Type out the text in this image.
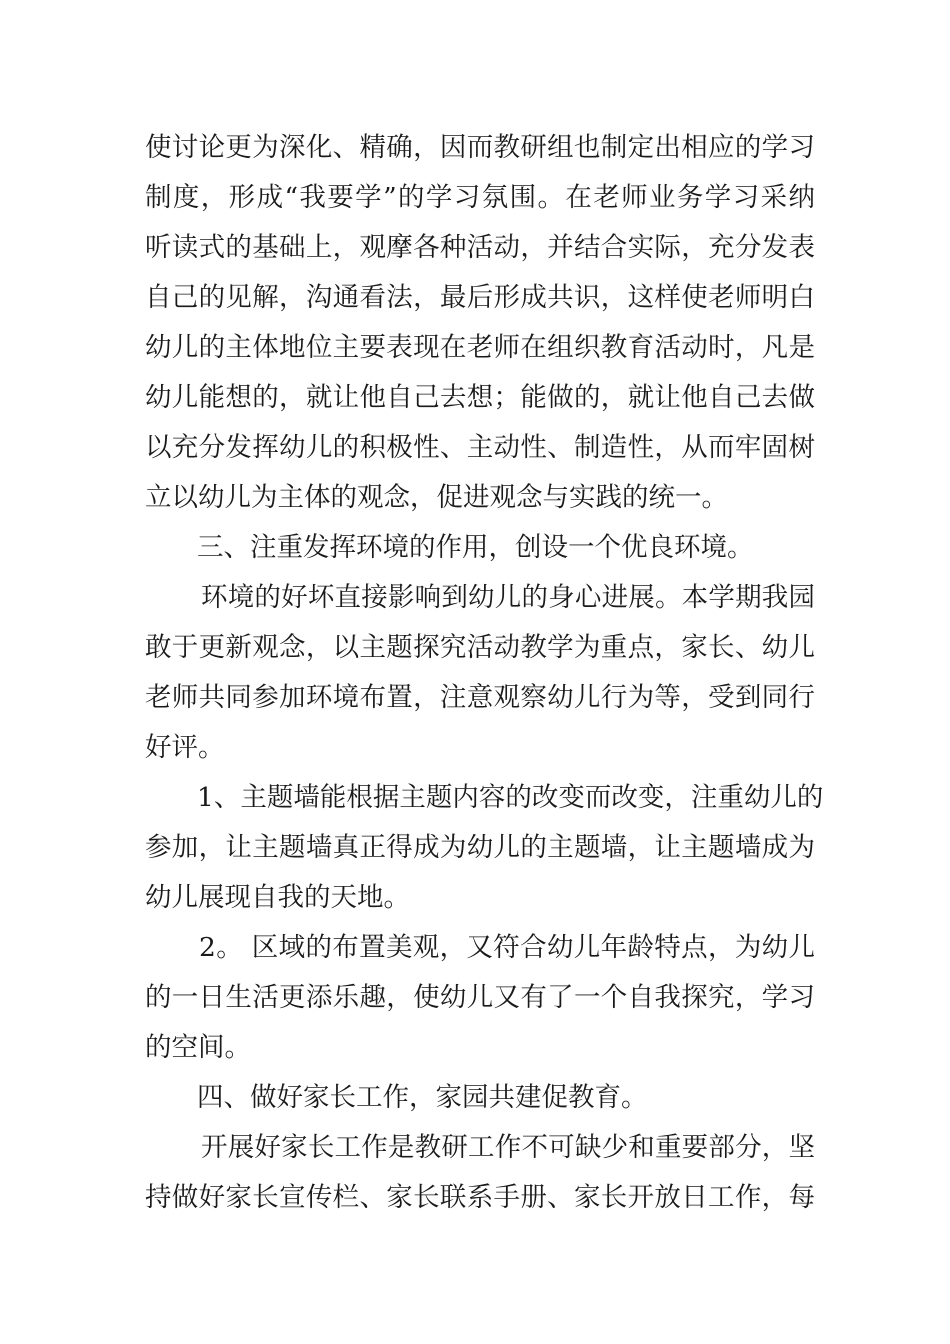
使讨论更为深化、精确，因而教研组也制定出相应的学习
制度，形成“我要学”的学习氛围。在老师业务学习采纳
听读式的基础上，观摩各种活动，并结合实际，充分发表
自己的见解，沟通看法，最后形成共识，这样使老师明白
幼儿的主体地位主要表现在老师在组织教育活动时，凡是
幼儿能想的，就让他自己去想；能做的，就让他自己去做
以充分发挥幼儿的积极性、主动性、制造性，从而牢固树
立以幼儿为主体的观念，促进观念与实践的统一。
三、注重发挥环境的作用，创设一个优良环境。
环境的好坏直接影响到幼儿的身心进展。本学期我园
敢于更新观念，以主题探究活动教学为重点，家长、幼儿
老师共同参加环境布置，注意观察幼儿行为等，受到同行
好评。
1、主题墙能根据主题内容的改变而改变，注重幼儿的
参加，让主题墙真正得成为幼儿的主题墙，让主题墙成为
幼儿展现自我的天地。
2。 区域的布置美观，又符合幼儿年龄特点，为幼儿
的一日生活更添乐趣，使幼儿又有了一个自我探究，学习
的空间。
四、做好家长工作，家园共建促教育。
开展好家长工作是教研工作不可缺少和重要部分，坚
持做好家长宣传栏、家长联系手册、家长开放日工作，每
